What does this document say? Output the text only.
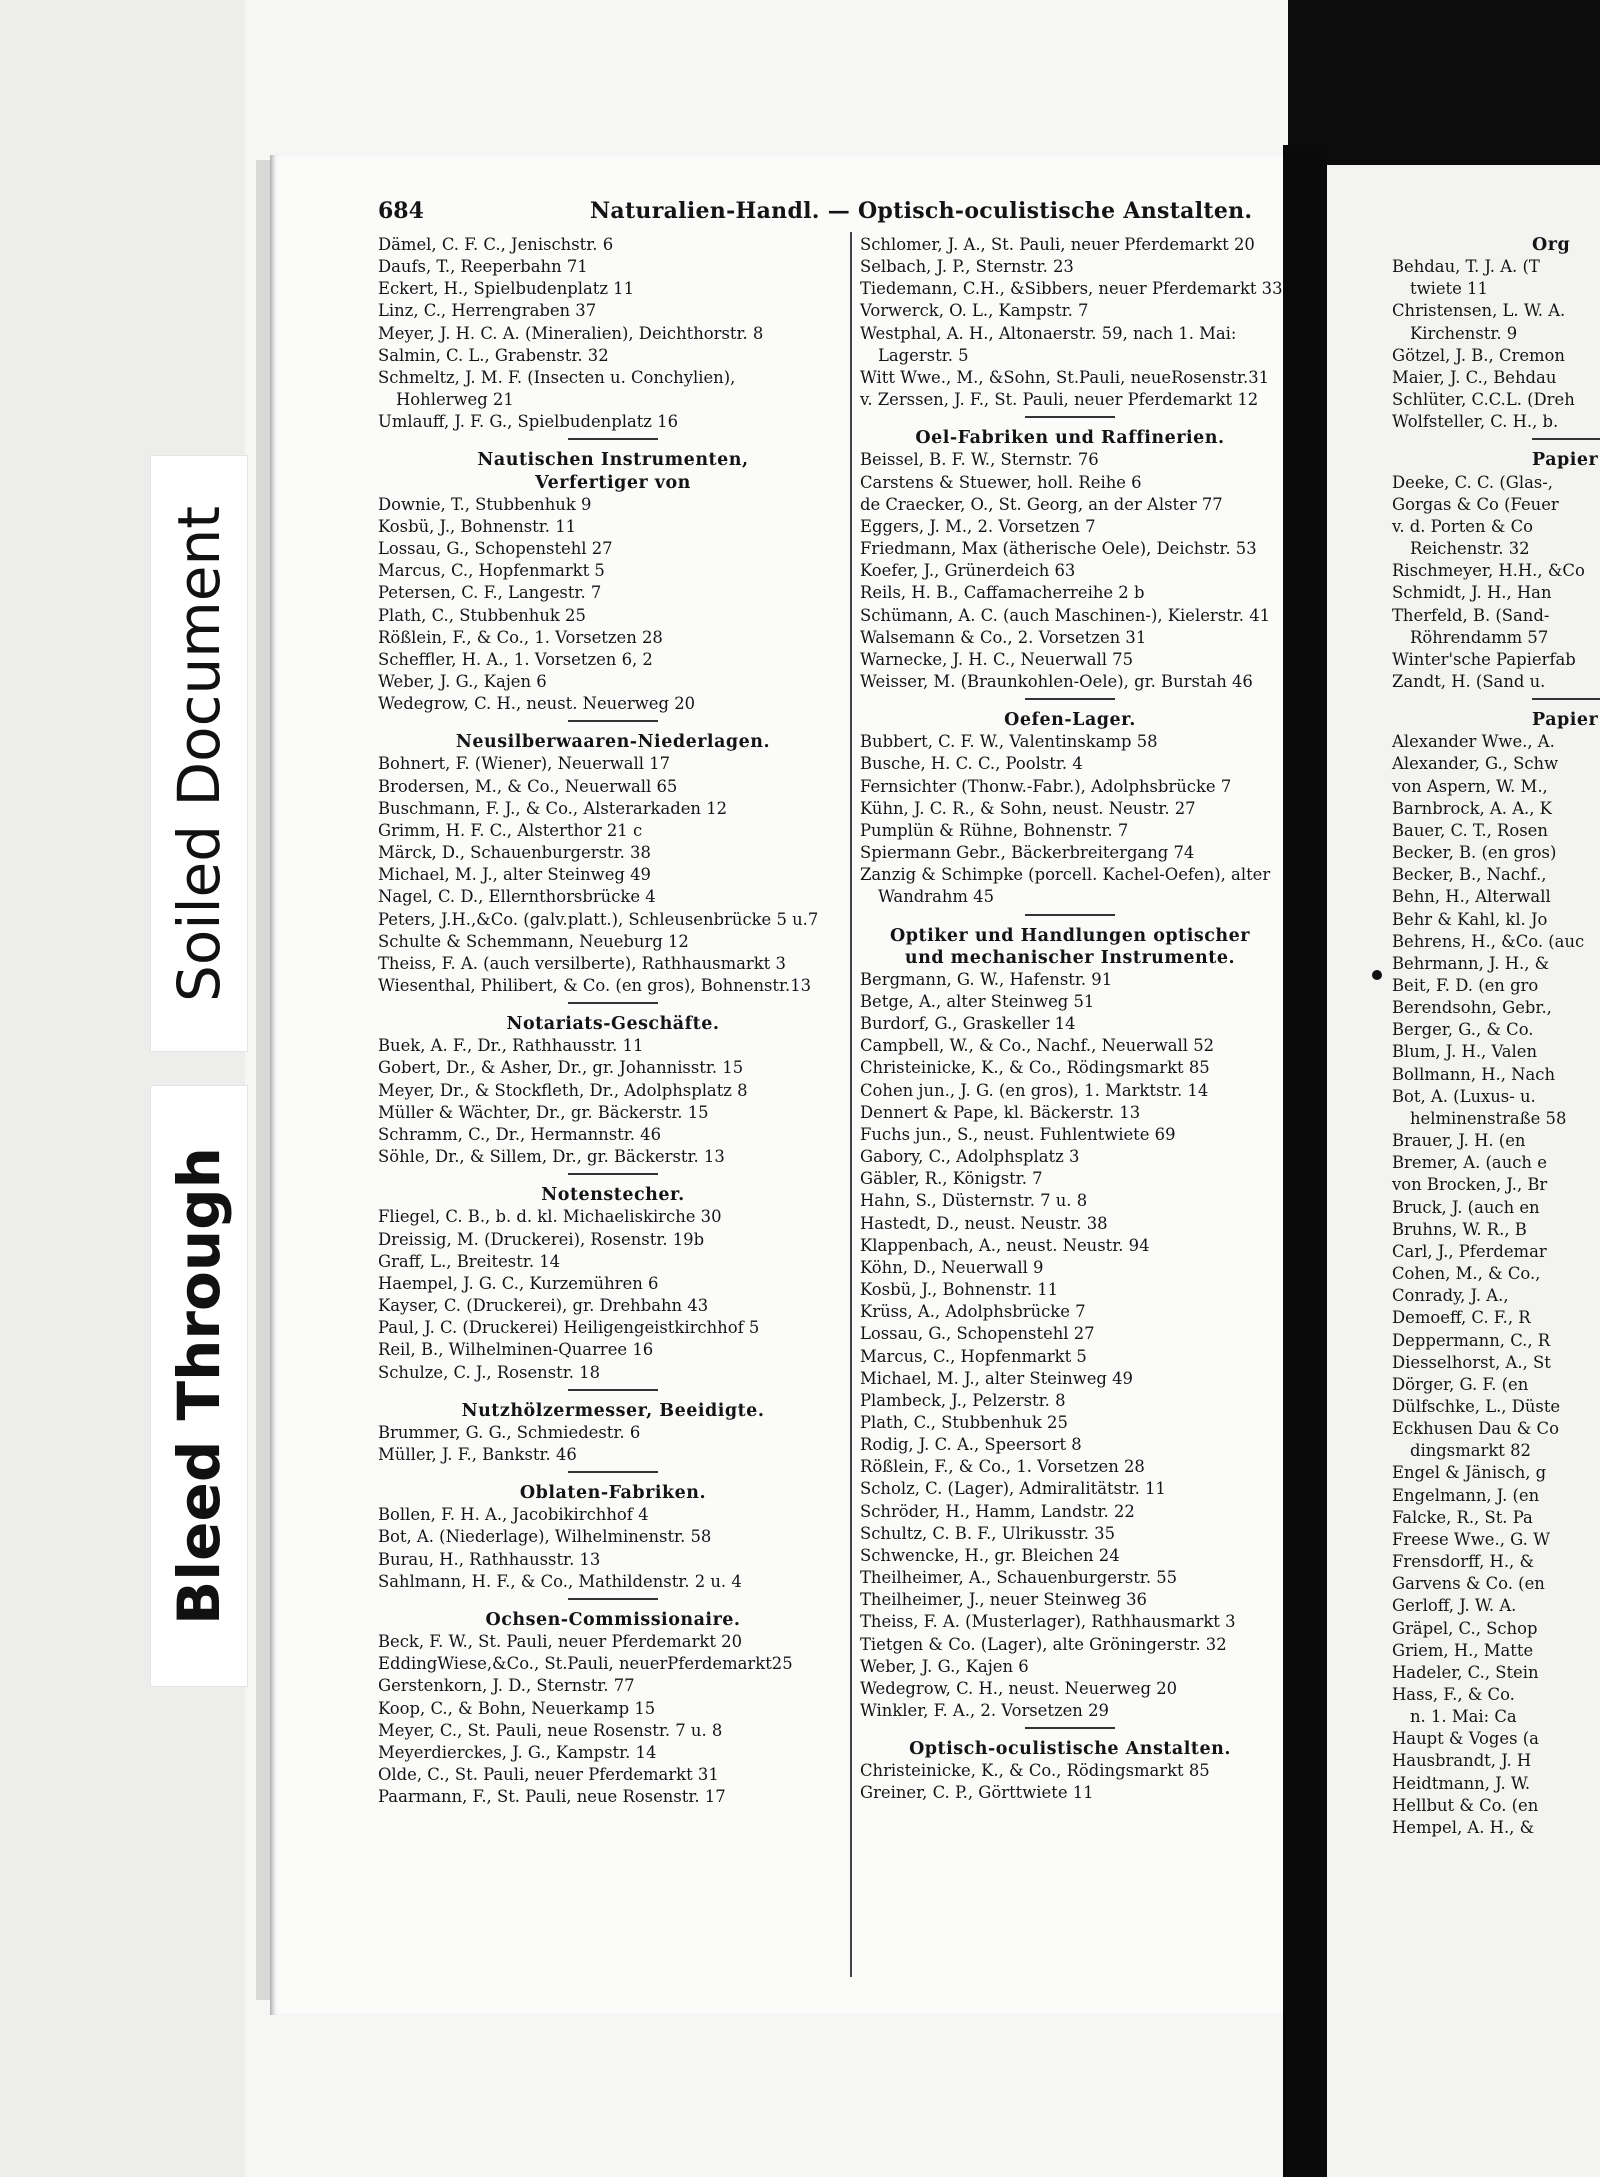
Soiled Document
Bleed Through
684	Naturalien-Handl. — Optisch-oculistische Anstalten.
Dämel, C. F. C., Jenischstr. 6
Daufs, T., Reeperbahn 71
Eckert, H., Spielbudenplatz 11
Linz, C., Herrengraben 37
Meyer, J. H. C. A. (Mineralien), Deichthorstr. 8
Salmin, C. L., Grabenstr. 32
Schmeltz, J. M. F. (Insecten u. Conchylien),
Hohlerweg 21
Umlauff, J. F. G., Spielbudenplatz 16
Nautischen Instrumenten,
Verfertiger von
Downie, T., Stubbenhuk 9
Kosbü, J., Bohnenstr. 11
Lossau, G., Schopenstehl 27
Marcus, C., Hopfenmarkt 5
Petersen, C. F., Langestr. 7
Plath, C., Stubbenhuk 25
Rößlein, F., & Co., 1. Vorsetzen 28
Scheffler, H. A., 1. Vorsetzen 6, 2
Weber, J. G., Kajen 6
Wedegrow, C. H., neust. Neuerweg 20
Neusilberwaaren-Niederlagen.
Bohnert, F. (Wiener), Neuerwall 17
Brodersen, M., & Co., Neuerwall 65
Buschmann, F. J., & Co., Alsterarkaden 12
Grimm, H. F. C., Alsterthor 21 c
Märck, D., Schauenburgerstr. 38
Michael, M. J., alter Steinweg 49
Nagel, C. D., Ellernthorsbrücke 4
Peters, J.H.,&Co. (galv.platt.), Schleusenbrücke 5 u.7
Schulte & Schemmann, Neueburg 12
Theiss, F. A. (auch versilberte), Rathhausmarkt 3
Wiesenthal, Philibert, & Co. (en gros), Bohnenstr.13
Notariats-Geschäfte.
Buek, A. F., Dr., Rathhausstr. 11
Gobert, Dr., & Asher, Dr., gr. Johannisstr. 15
Meyer, Dr., & Stockfleth, Dr., Adolphsplatz 8
Müller & Wächter, Dr., gr. Bäckerstr. 15
Schramm, C., Dr., Hermannstr. 46
Söhle, Dr., & Sillem, Dr., gr. Bäckerstr. 13
Notenstecher.
Fliegel, C. B., b. d. kl. Michaeliskirche 30
Dreissig, M. (Druckerei), Rosenstr. 19b
Graff, L., Breitestr. 14
Haempel, J. G. C., Kurzemühren 6
Kayser, C. (Druckerei), gr. Drehbahn 43
Paul, J. C. (Druckerei) Heiligengeistkirchhof 5
Reil, B., Wilhelminen-Quarree 16
Schulze, C. J., Rosenstr. 18
Nutzhölzermesser, Beeidigte.
Brummer, G. G., Schmiedestr. 6
Müller, J. F., Bankstr. 46
Oblaten-Fabriken.
Bollen, F. H. A., Jacobikirchhof 4
Bot, A. (Niederlage), Wilhelminenstr. 58
Burau, H., Rathhausstr. 13
Sahlmann, H. F., & Co., Mathildenstr. 2 u. 4
Ochsen-Commissionaire.
Beck, F. W., St. Pauli, neuer Pferdemarkt 20
EddingWiese,&Co., St.Pauli, neuerPferdemarkt25
Gerstenkorn, J. D., Sternstr. 77
Koop, C., & Bohn, Neuerkamp 15
Meyer, C., St. Pauli, neue Rosenstr. 7 u. 8
Meyerdierckes, J. G., Kampstr. 14
Olde, C., St. Pauli, neuer Pferdemarkt 31
Paarmann, F., St. Pauli, neue Rosenstr. 17
Schlomer, J. A., St. Pauli, neuer Pferdemarkt 20
Selbach, J. P., Sternstr. 23
Tiedemann, C.H., &Sibbers, neuer Pferdemarkt 33
Vorwerck, O. L., Kampstr. 7
Westphal, A. H., Altonaerstr. 59, nach 1. Mai:
Lagerstr. 5
Witt Wwe., M., &Sohn, St.Pauli, neueRosenstr.31
v. Zerssen, J. F., St. Pauli, neuer Pferdemarkt 12
Oel-Fabriken und Raffinerien.
Beissel, B. F. W., Sternstr. 76
Carstens & Stuewer, holl. Reihe 6
de Craecker, O., St. Georg, an der Alster 77
Eggers, J. M., 2. Vorsetzen 7
Friedmann, Max (ätherische Oele), Deichstr. 53
Koefer, J., Grünerdeich 63
Reils, H. B., Caffamacherreihe 2 b
Schümann, A. C. (auch Maschinen-), Kielerstr. 41
Walsemann & Co., 2. Vorsetzen 31
Warnecke, J. H. C., Neuerwall 75
Weisser, M. (Braunkohlen-Oele), gr. Burstah 46
Oefen-Lager.
Bubbert, C. F. W., Valentinskamp 58
Busche, H. C. C., Poolstr. 4
Fernsichter (Thonw.-Fabr.), Adolphsbrücke 7
Kühn, J. C. R., & Sohn, neust. Neustr. 27
Pumplün & Rühne, Bohnenstr. 7
Spiermann Gebr., Bäckerbreitergang 74
Zanzig & Schimpke (porcell. Kachel-Oefen), alter
Wandrahm 45
Optiker und Handlungen optischer
und mechanischer Instrumente.
Bergmann, G. W., Hafenstr. 91
Betge, A., alter Steinweg 51
Burdorf, G., Graskeller 14
Campbell, W., & Co., Nachf., Neuerwall 52
Christeinicke, K., & Co., Rödingsmarkt 85
Cohen jun., J. G. (en gros), 1. Marktstr. 14
Dennert & Pape, kl. Bäckerstr. 13
Fuchs jun., S., neust. Fuhlentwiete 69
Gabory, C., Adolphsplatz 3
Gäbler, R., Königstr. 7
Hahn, S., Düsternstr. 7 u. 8
Hastedt, D., neust. Neustr. 38
Klappenbach, A., neust. Neustr. 94
Köhn, D., Neuerwall 9
Kosbü, J., Bohnenstr. 11
Krüss, A., Adolphsbrücke 7
Lossau, G., Schopenstehl 27
Marcus, C., Hopfenmarkt 5
Michael, M. J., alter Steinweg 49
Plambeck, J., Pelzerstr. 8
Plath, C., Stubbenhuk 25
Rodig, J. C. A., Speersort 8
Rößlein, F., & Co., 1. Vorsetzen 28
Scholz, C. (Lager), Admiralitätstr. 11
Schröder, H., Hamm, Landstr. 22
Schultz, C. B. F., Ulrikusstr. 35
Schwencke, H., gr. Bleichen 24
Theilheimer, A., Schauenburgerstr. 55
Theilheimer, J., neuer Steinweg 36
Theiss, F. A. (Musterlager), Rathhausmarkt 3
Tietgen & Co. (Lager), alte Gröningerstr. 32
Weber, J. G., Kajen 6
Wedegrow, C. H., neust. Neuerweg 20
Winkler, F. A., 2. Vorsetzen 29
Optisch-oculistische Anstalten.
Christeinicke, K., & Co., Rödingsmarkt 85
Greiner, C. P., Görttwiete 11
Org
Behdau, T. J. A. (T
twiete 11
Christensen, L. W. A.
Kirchenstr. 9
Götzel, J. B., Cremon
Maier, J. C., Behdau
Schlüter, C.C.L. (Dreh
Wolfsteller, C. H., b.
Papier
Deeke, C. C. (Glas-,
Gorgas & Co (Feuer
v. d. Porten & Co
Reichenstr. 32
Rischmeyer, H.H., &Co
Schmidt, J. H., Han
Therfeld, B. (Sand-
Röhrendamm 57
Winter'sche Papierfab
Zandt, H. (Sand u.
Papier
Alexander Wwe., A.
Alexander, G., Schw
von Aspern, W. M.,
Barnbrock, A. A., K
Bauer, C. T., Rosen
Becker, B. (en gros)
Becker, B., Nachf.,
Behn, H., Alterwall
Behr & Kahl, kl. Jo
Behrens, H., &Co. (auc
Behrmann, J. H., &
Beit, F. D. (en gro
Berendsohn, Gebr.,
Berger, G., & Co.
Blum, J. H., Valen
Bollmann, H., Nach
Bot, A. (Luxus- u.
helminenstraße 58
Brauer, J. H. (en
Bremer, A. (auch e
von Brocken, J., Br
Bruck, J. (auch en
Bruhns, W. R., B
Carl, J., Pferdemar
Cohen, M., & Co.,
Conrady, J. A.,
Demoeff, C. F., R
Deppermann, C., R
Diesselhorst, A., St
Dörger, G. F. (en
Dülfschke, L., Düste
Eckhusen Dau & Co
dingsmarkt 82
Engel & Jänisch, g
Engelmann, J. (en
Falcke, R., St. Pa
Freese Wwe., G. W
Frensdorff, H., &
Garvens & Co. (en
Gerloff, J. W. A.
Gräpel, C., Schop
Griem, H., Matte
Hadeler, C., Stein
Hass, F., & Co.
n. 1. Mai: Ca
Haupt & Voges (a
Hausbrandt, J. H
Heidtmann, J. W.
Hellbut & Co. (en
Hempel, A. H., &
